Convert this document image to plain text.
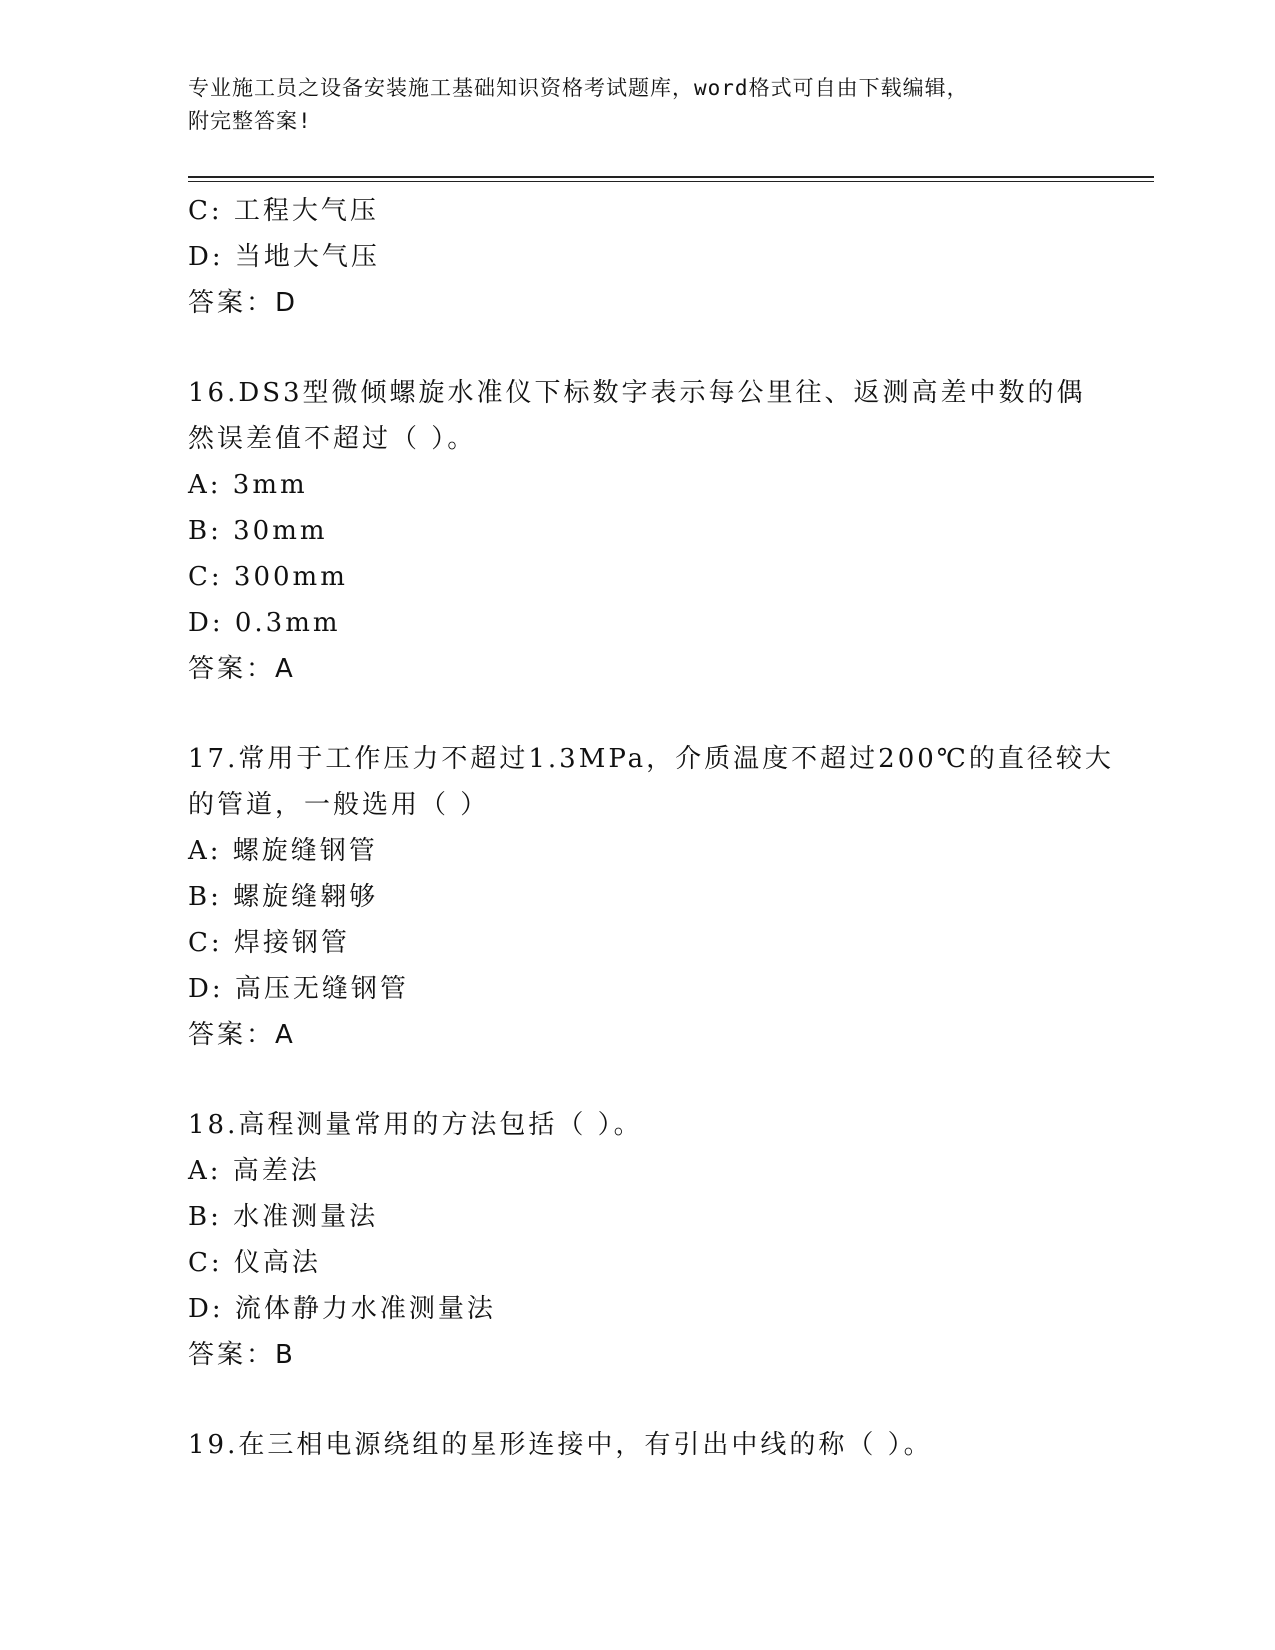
专业施工员之设备安装施工基础知识资格考试题库，word格式可自由下载编辑，
附完整答案!
C: 工程大气压
D: 当地大气压
答案：D
16.DS3型微倾螺旋水准仪下标数字表示每公里往、返测高差中数的偶
然误差值不超过（ ）。
A: 3mm
B: 30mm
C: 300mm
D: 0.3mm
答案：A
17.常用于工作压力不超过1.3MPa，介质温度不超过200℃的直径较大
的管道，一般选用（ ）
A: 螺旋缝钢管
B: 螺旋缝翱够
C: 焊接钢管
D: 高压无缝钢管
答案：A
18.高程测量常用的方法包括（ ）。
A: 高差法
B: 水准测量法
C: 仪高法
D: 流体静力水准测量法
答案：B
19.在三相电源绕组的星形连接中，有引出中线的称（ ）。
